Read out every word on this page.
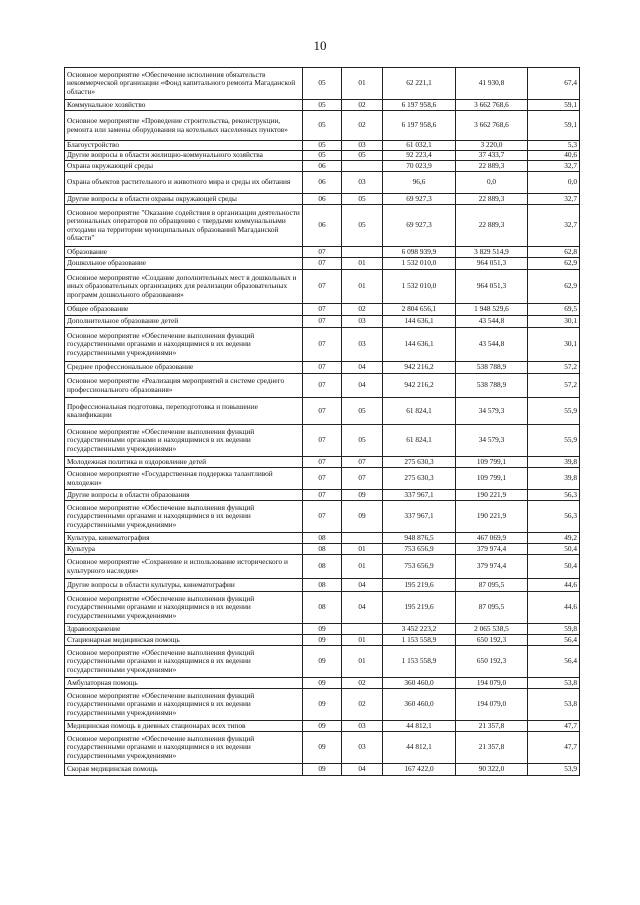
10
Основное мероприятие «Обеспечение исполнения обязательств некоммерческой организации «Фонд капитального ремонта Магаданской области»	05	01	62 221,1	41 930,8	67,4
Коммунальное хозяйство	05	02	6 197 958,6	3 662 768,6	59,1
Основное мероприятие «Проведение строительства, реконструкции, ремонта или замены оборудования на котельных населенных пунктов»	05	02	6 197 958,6	3 662 768,6	59,1
Благоустройство	05	03	61 032,1	3 220,0	5,3
Другие вопросы в области жилищно-коммунального хозяйства	05	05	92 223,4	37 433,7	40,6
Охрана окружающей среды	06		70 023,9	22 889,3	32,7
Охрана объектов растительного и животного мира и среды их обитания	06	03	96,6	0,0	0,0
Другие вопросы в области охраны окружающей среды	06	05	69 927,3	22 889,3	32,7
Основное мероприятие "Оказание содействия в организации деятельности региональных операторов по обращению с твердыми коммунальными отходами на территории муниципальных образований Магаданской области"	06	05	69 927,3	22 889,3	32,7
Образование	07		6 098 939,9	3 829 514,9	62,8
Дошкольное образование	07	01	1 532 010,0	964 051,3	62,9
Основное мероприятие «Создание дополнительных мест в дошкольных и иных образовательных организациях для реализации образовательных программ дошкольного образования»	07	01	1 532 010,0	964 051,3	62,9
Общее образование	07	02	2 804 656,1	1 948 529,6	69,5
Дополнительное образование детей	07	03	144 636,1	43 544,8	30,1
Основное мероприятие «Обеспечение выполнения функций государственными органами и находящимися в их ведении государственными учреждениями»	07	03	144 636,1	43 544,8	30,1
Среднее профессиональное образование	07	04	942 216,2	538 788,9	57,2
Основное мероприятие «Реализация мероприятий в системе среднего профессионального образования»	07	04	942 216,2	538 788,9	57,2
Профессиональная подготовка, переподготовка и повышение квалификации	07	05	61 824,1	34 579,3	55,9
Основное мероприятие «Обеспечение выполнения функций государственными органами и находящимися в их ведении государственными учреждениями»	07	05	61 824,1	34 579,3	55,9
Молодежная политика и оздоровление детей	07	07	275 630,3	109 799,1	39,8
Основное мероприятие «Государственная поддержка талантливой молодежи»	07	07	275 630,3	109 799,1	39,8
Другие вопросы в области образования	07	09	337 967,1	190 221,9	56,3
Основное мероприятие «Обеспечение выполнения функций государственными органами и находящимися в их ведении государственными учреждениями»	07	09	337 967,1	190 221,9	56,3
Культура, кинематография	08		948 876,5	467 069,9	49,2
Культура	08	01	753 656,9	379 974,4	50,4
Основное мероприятие «Сохранение и использование исторического и культурного наследия»	08	01	753 656,9	379 974,4	50,4
Другие вопросы в области культуры, кинематографии	08	04	195 219,6	87 095,5	44,6
Основное мероприятие «Обеспечение выполнения функций государственными органами и находящимися в их ведении государственными учреждениями»	08	04	195 219,6	87 095,5	44,6
Здравоохранение	09		3 452 223,2	2 065 538,5	59,8
Стационарная медицинская помощь	09	01	1 153 558,9	650 192,3	56,4
Основное мероприятие «Обеспечение выполнения функций государственными органами и находящимися в их ведении государственными учреждениями»	09	01	1 153 558,9	650 192,3	56,4
Амбулаторная помощь	09	02	360 460,0	194 079,0	53,8
Основное мероприятие «Обеспечение выполнения функций государственными органами и находящимися в их ведении государственными учреждениями»	09	02	360 460,0	194 079,0	53,8
Медицинская помощь в дневных стационарах всех типов	09	03	44 812,1	21 357,8	47,7
Основное мероприятие «Обеспечение выполнения функций государственными органами и находящимися в их ведении государственными учреждениями»	09	03	44 812,1	21 357,8	47,7
Скорая медицинская помощь	09	04	167 422,0	90 322,0	53,9
